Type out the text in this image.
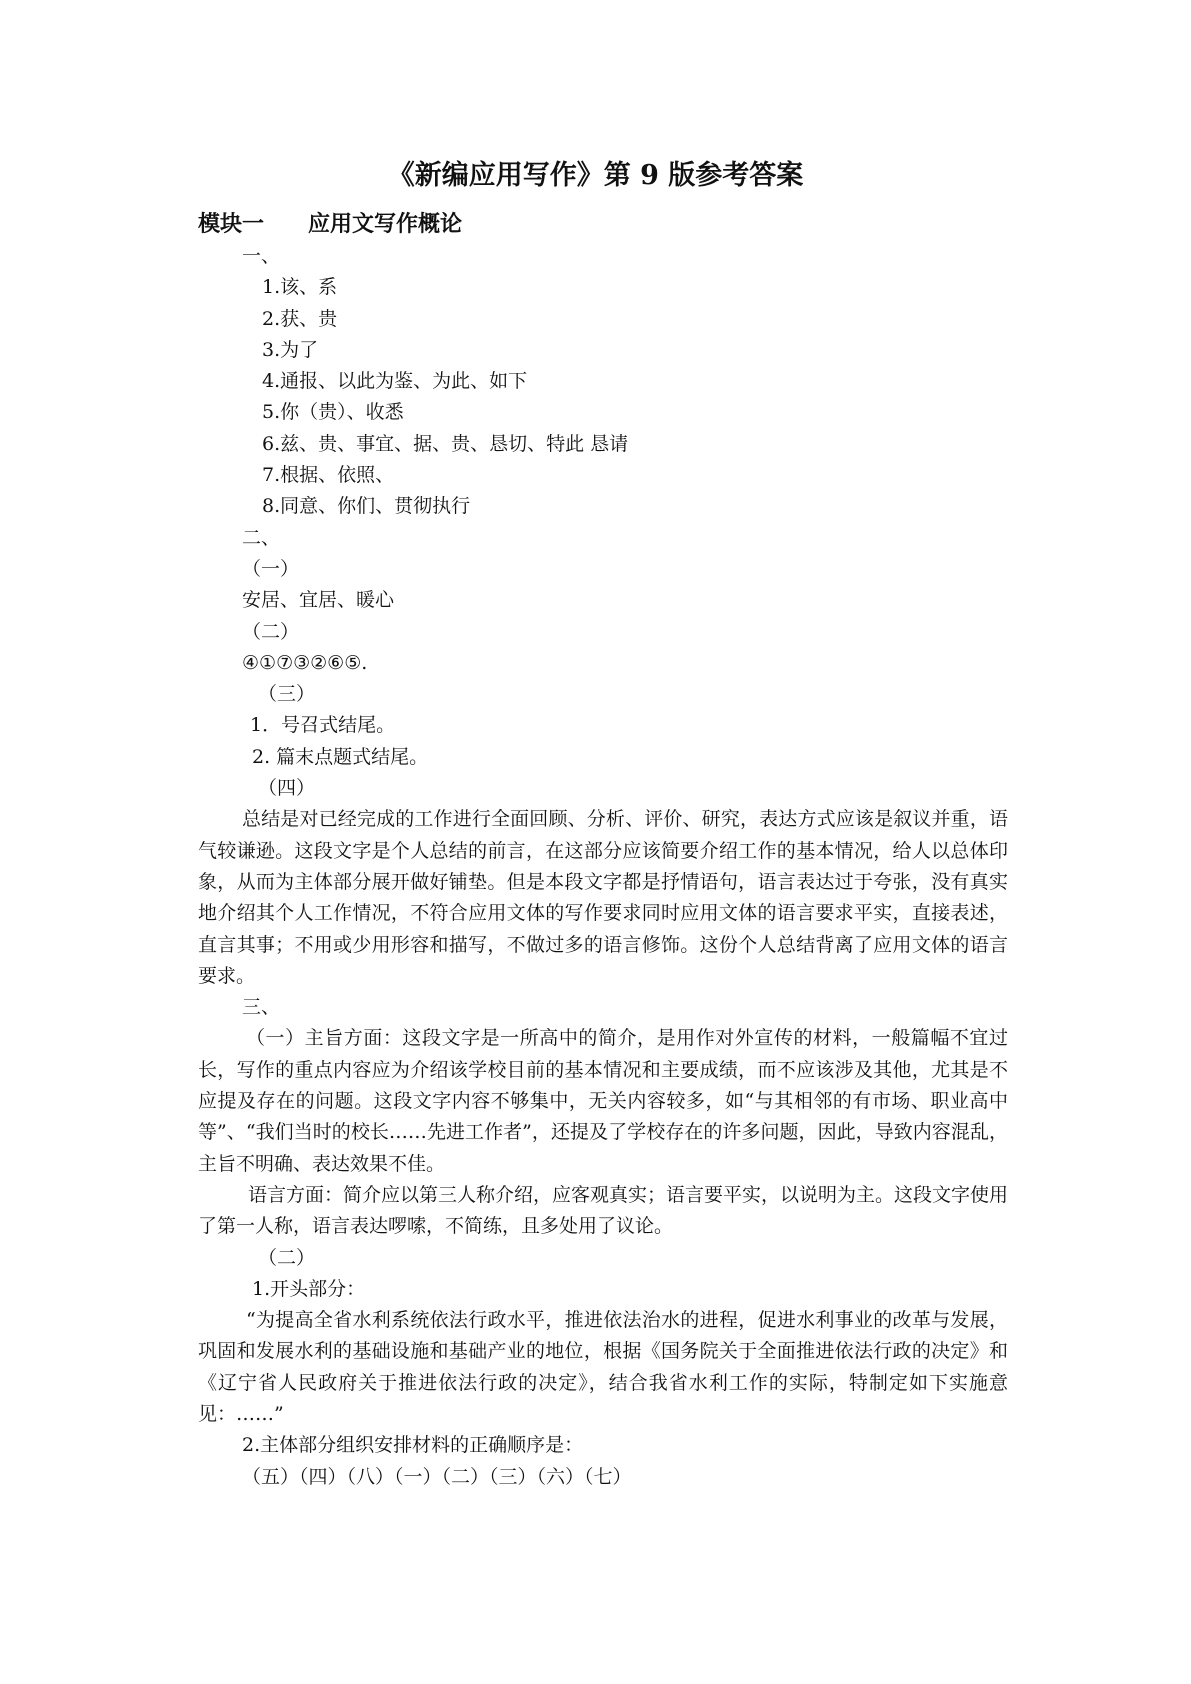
《新编应用写作》第 9 版参考答案
模块一　　应用文写作概论
一、
1.该、系
2.获、贵
3.为了
4.通报、以此为鉴、为此、如下
5.你（贵）、收悉
6.兹、贵、事宜、据、贵、恳切、特此 恳请
7.根据、依照、
8.同意、你们、贯彻执行
二、
（一）
安居、宜居、暖心
（二）
④①⑦③②⑥⑤.
（三）
1．号召式结尾。
2. 篇末点题式结尾。
（四）
总结是对已经完成的工作进行全面回顾、分析、评价、研究，表达方式应该是叙议并重，语气较谦逊。这段文字是个人总结的前言，在这部分应该简要介绍工作的基本情况，给人以总体印象，从而为主体部分展开做好铺垫。但是本段文字都是抒情语句，语言表达过于夸张，没有真实地介绍其个人工作情况，不符合应用文体的写作要求同时应用文体的语言要求平实，直接表述，直言其事；不用或少用形容和描写，不做过多的语言修饰。这份个人总结背离了应用文体的语言要求。
三、
（一）主旨方面：这段文字是一所高中的简介，是用作对外宣传的材料，一般篇幅不宜过长，写作的重点内容应为介绍该学校目前的基本情况和主要成绩，而不应该涉及其他，尤其是不应提及存在的问题。这段文字内容不够集中，无关内容较多，如“与其相邻的有市场、职业高中等”、“我们当时的校长……先进工作者”，还提及了学校存在的许多问题，因此，导致内容混乱，主旨不明确、表达效果不佳。
语言方面：简介应以第三人称介绍，应客观真实；语言要平实，以说明为主。这段文字使用了第一人称，语言表达啰嗦，不简练，且多处用了议论。
（二）
1.开头部分：
“为提高全省水利系统依法行政水平，推进依法治水的进程，促进水利事业的改革与发展，巩固和发展水利的基础设施和基础产业的地位，根据《国务院关于全面推进依法行政的决定》和《辽宁省人民政府关于推进依法行政的决定》，结合我省水利工作的实际，特制定如下实施意见：……”
2.主体部分组织安排材料的正确顺序是：
（五）（四）（八）（一）（二）（三）（六）（七）
